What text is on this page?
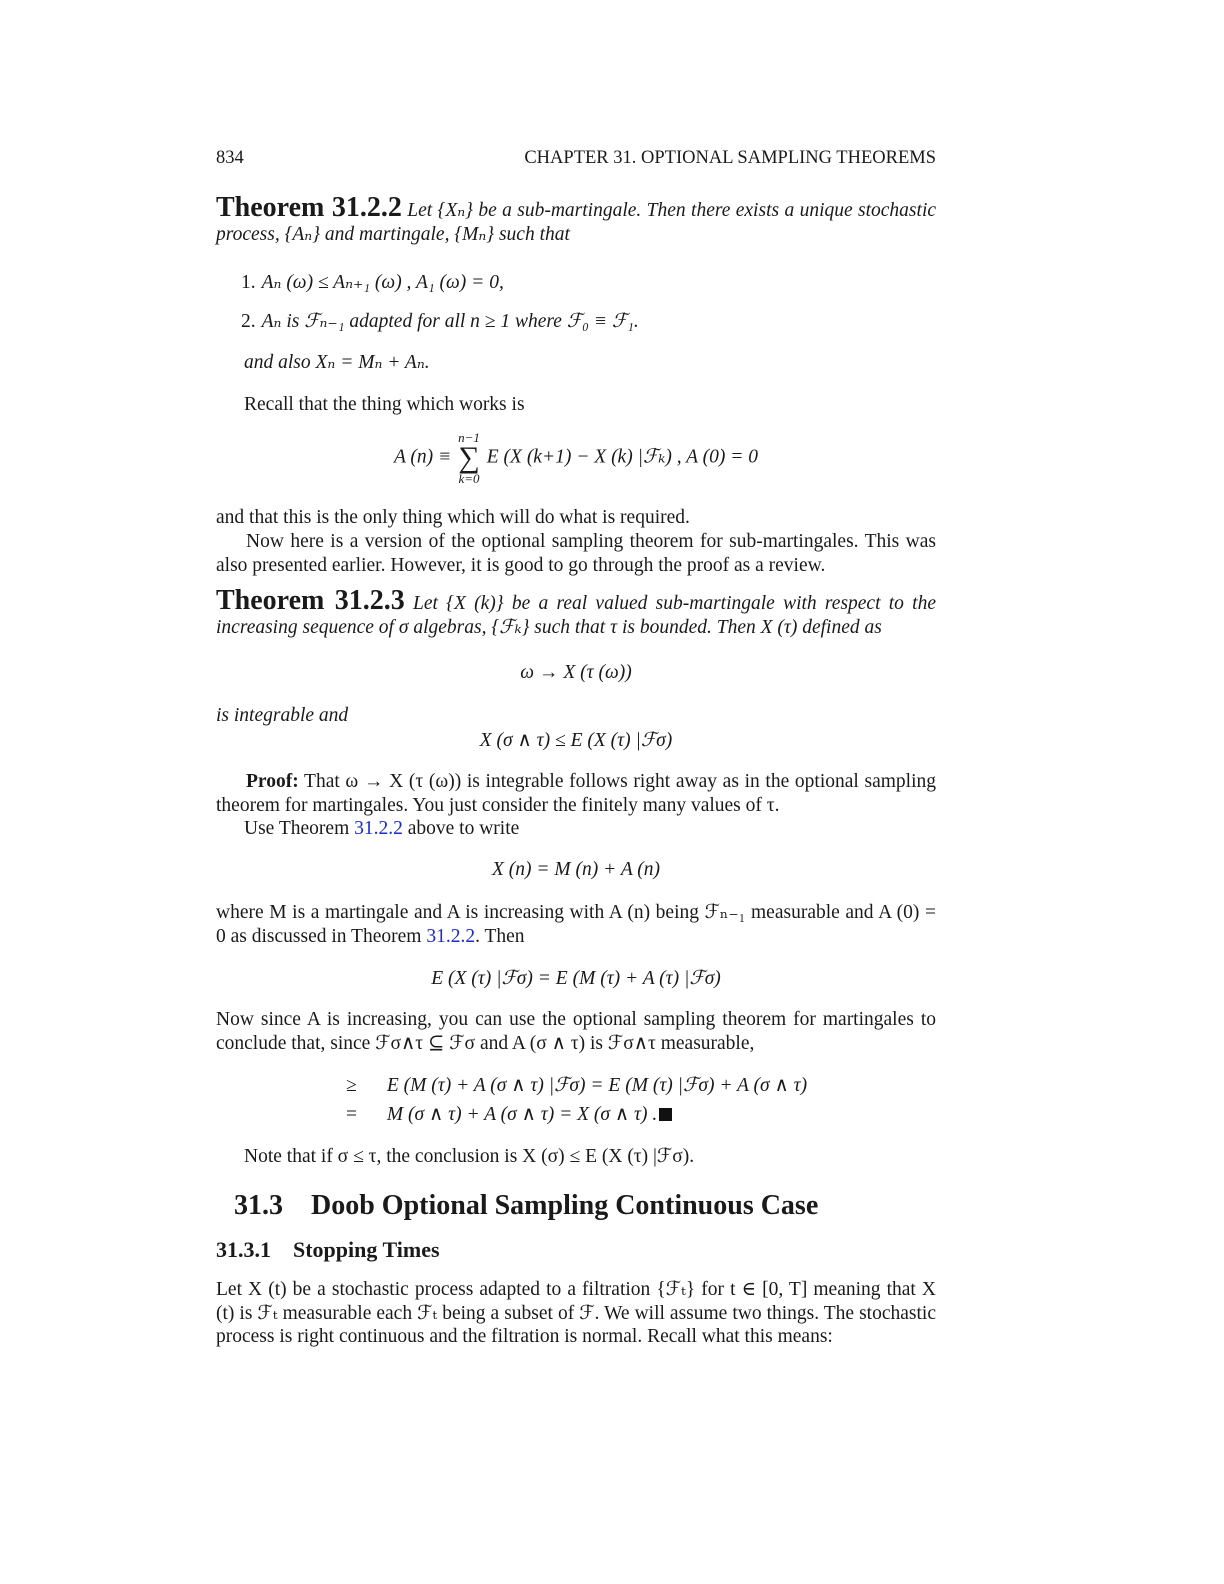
834	CHAPTER 31. OPTIONAL SAMPLING THEOREMS

Theorem 31.2.2 Let {Xₙ} be a sub-martingale. Then there exists a unique stochastic process, {Aₙ} and martingale, {Mₙ} such that

1. Aₙ (ω) ≤ Aₙ₊₁ (ω) , A₁ (ω) = 0,
2. Aₙ is ℱₙ₋₁ adapted for all n ≥ 1 where ℱ₀ ≡ ℱ₁.

and also Xₙ = Mₙ + Aₙ.

Recall that the thing which works is

A (n) ≡
n−1
∑
k=0
E (X (k+1) − X (k) |ℱₖ) , A (0) = 0

and that this is the only thing which will do what is required.

Now here is a version of the optional sampling theorem for sub-martingales. This was also presented earlier. However, it is good to go through the proof as a review.

Theorem 31.2.3 Let {X (k)} be a real valued sub-martingale with respect to the increasing sequence of σ algebras, {ℱₖ} such that τ is bounded. Then X (τ) defined as

ω → X (τ (ω))

is integrable and

X (σ ∧ τ) ≤ E (X (τ) |ℱσ)

Proof: That ω → X (τ (ω)) is integrable follows right away as in the optional sampling theorem for martingales. You just consider the finitely many values of τ.

Use Theorem 31.2.2 above to write

X (n) = M (n) + A (n)

where M is a martingale and A is increasing with A (n) being ℱₙ₋₁ measurable and A (0) = 0 as discussed in Theorem 31.2.2. Then

E (X (τ) |ℱσ) = E (M (τ) + A (τ) |ℱσ)

Now since A is increasing, you can use the optional sampling theorem for martingales to conclude that, since ℱσ∧τ ⊆ ℱσ and A (σ ∧ τ) is ℱσ∧τ measurable,

≥ E (M (τ) + A (σ ∧ τ) |ℱσ) = E (M (τ) |ℱσ) + A (σ ∧ τ)
= M (σ ∧ τ) + A (σ ∧ τ) = X (σ ∧ τ) .

Note that if σ ≤ τ, the conclusion is X (σ) ≤ E (X (τ) |ℱσ).

31.3 Doob Optional Sampling Continuous Case
31.3.1 Stopping Times

Let X (t) be a stochastic process adapted to a filtration {ℱₜ} for t ∈ [0, T] meaning that X (t) is ℱₜ measurable each ℱₜ being a subset of ℱ. We will assume two things. The stochastic process is right continuous and the filtration is normal. Recall what this means:
